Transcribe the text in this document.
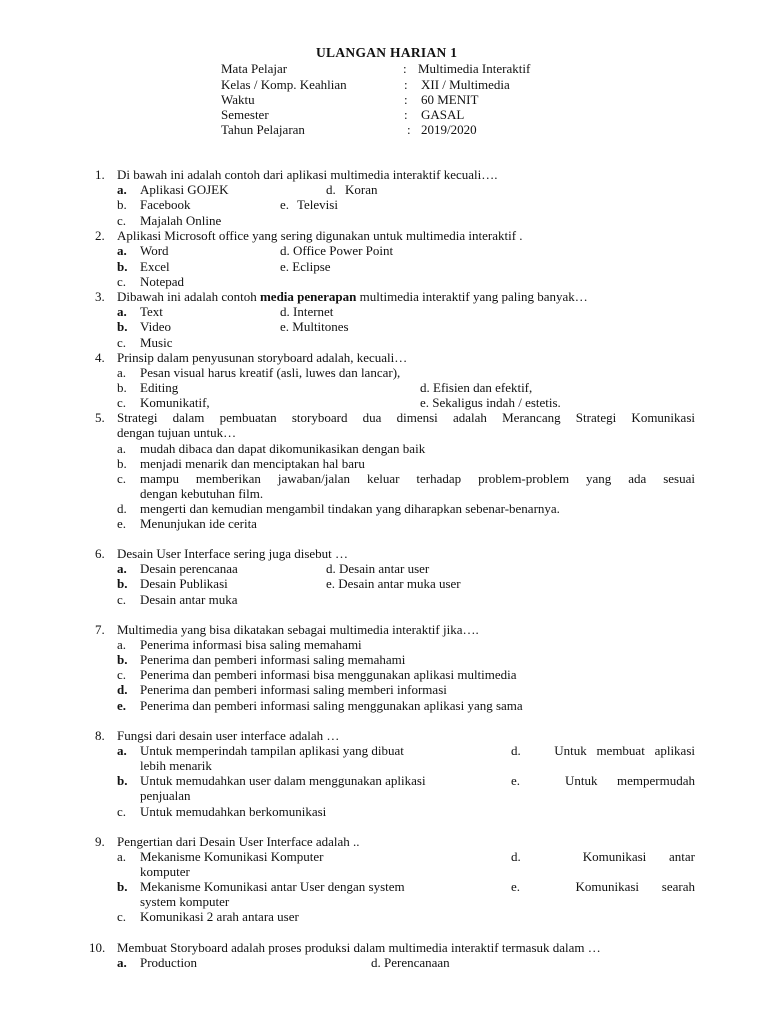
ULANGAN HARIAN 1
Mata Pelajar	: Multimedia Interaktif
Kelas / Komp. Keahlian	: XII / Multimedia
Waktu	: 60 MENIT
Semester	: GASAL
Tahun Pelajaran	: 2019/2020
1. Di bawah ini adalah contoh dari aplikasi multimedia interaktif kecuali….
a. Aplikasi GOJEK	d. Koran
b. Facebook	e. Televisi
c. Majalah Online
2. Aplikasi Microsoft office yang sering digunakan untuk multimedia interaktif .
a. Word	d. Office Power Point
b. Excel	e. Eclipse
c. Notepad
3. Dibawah ini adalah contoh media penerapan multimedia interaktif yang paling banyak…
a. Text	d. Internet
b. Video	e. Multitones
c. Music
4. Prinsip dalam penyusunan storyboard adalah, kecuali…
a. Pesan visual harus kreatif (asli, luwes dan lancar),
b. Editing	d. Efisien dan efektif,
c. Komunikatif,	e. Sekaligus indah / estetis.
5. Strategi dalam pembuatan storyboard dua dimensi adalah Merancang Strategi Komunikasi
dengan tujuan untuk…
a. mudah dibaca dan dapat dikomunikasikan dengan baik
b. menjadi menarik dan menciptakan hal baru
c. mampu memberikan jawaban/jalan keluar terhadap problem-problem yang ada sesuai
dengan kebutuhan film.
d. mengerti dan kemudian mengambil tindakan yang diharapkan sebenar-benarnya.
e. Menunjukan ide cerita
6. Desain User Interface sering juga disebut …
a. Desain perencanaa	d. Desain antar user
b. Desain Publikasi	e. Desain antar muka user
c. Desain antar muka
7. Multimedia yang bisa dikatakan sebagai multimedia interaktif jika….
a. Penerima informasi bisa saling memahami
b. Penerima dan pemberi informasi saling memahami
c. Penerima dan pemberi informasi bisa menggunakan aplikasi multimedia
d. Penerima dan pemberi informasi saling memberi informasi
e. Penerima dan pemberi informasi saling menggunakan aplikasi yang sama
8. Fungsi dari desain user interface adalah …
a. Untuk memperindah tampilan aplikasi yang dibuat	d.	Untuk   membuat   aplikasi
lebih menarik
b. Untuk memudahkan user dalam menggunakan aplikasi	e.	Untuk      mempermudah
penjualan
c. Untuk memudahkan berkomunikasi
9. Pengertian dari Desain User Interface adalah ..
a. Mekanisme Komunikasi Komputer	d.	Komunikasi       antar
komputer
b. Mekanisme Komunikasi antar User dengan system	e.	Komunikasi       searah
system komputer
c. Komunikasi 2 arah antara user
10. Membuat Storyboard adalah proses produksi dalam multimedia interaktif termasuk dalam …
a. Production	d. Perencanaan
